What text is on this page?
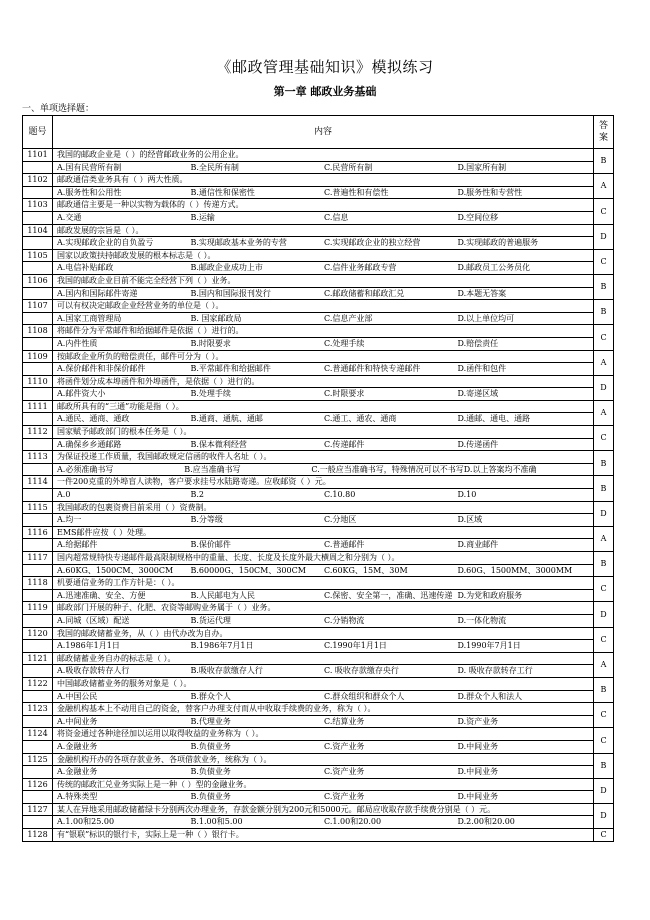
《邮政管理基础知识》模拟练习
第一章 邮政业务基础
一、单项选择题：
题号	内容	答案
1101	我国的邮政企业是（ ）的经营邮政业务的公用企业。	B

	A.国有民营所有制 B.全民所有制 C.民营所有制 D.国家所有制	

1102	邮政通信类业务具有（ ）两大性质。	A

	A.服务性和公用性 B.通信性和保密性 C.普遍性和有偿性 D.服务性和专营性	

1103	邮政通信主要是一种以实物为载体的（ ）传递方式。	C

	A.交通 B.运输 C.信息 D.空间位移	

1104	邮政发展的宗旨是（ ）。	D

	A.实现邮政企业的自负盈亏 B.实现邮政基本业务的专营 C.实现邮政企业的独立经营 D.实现邮政的普遍服务	

1105	国家以政策扶持邮政发展的根本标志是（ ）。	C

	A.电信补贴邮政 B.邮政企业成功上市 C.信件业务邮政专营 D.邮政员工公务员化	

1106	我国的邮政企业目前不能完全经营下列（ ）业务。	B

	A.国内和国际邮件寄递 B.国内和国际报刊发行 C.邮政储蓄和邮政汇兑 D.本题无答案	

1107	可以有权决定邮政企业经营业务的单位是（ ）。	B

	A.国家工商管理局 B. 国家邮政局 C.信息产业部 D.以上单位均可	

1108	将邮件分为平常邮件和给据邮件是依据（ ）进行的。	C

	A.内件性质 B.时限要求 C.处理手续 D.赔偿责任	

1109	按邮政企业所负的赔偿责任，邮件可分为（ ）。	A

	A.保价邮件和非保价邮件 B.平常邮件和给据邮件 C.普通邮件和特快专递邮件 D.函件和包件	

1110	将函件划分成本埠函件和外埠函件，是依据（ ）进行的。	D

	A.邮件资大小 B.处理手续 C.时限要求 D.寄递区域	

1111	邮政所具有的“三通”功能是指（ ）。	A

	A.通民、通商、通政 B.通商、通航、通邮 C.通工、通农、通商 D.通邮、通电、通路	

1112	国家赋予邮政部门的根本任务是（ ）。	C

	A.确保乡乡通邮路 B.保本微利经营 C.传递邮件 D.传递函件	

1113	为保证投递工作质量，我国邮政规定信函的收件人名址（ ）。	B

	A.必须准确书写 B.应当准确书写 C.一般应当准确书写，特殊情况可以不书写 D.以上答案均不准确	

1114	一件200克重的外埠盲人读物，客户要求挂号水陆路寄递。应收邮资（ ）元。	B

	A.0 B.2 C.10.80 D.10	

1115	我国邮政的包裹资费目前采用（ ）资费制。	D

	A.均一 B.分等级 C.分地区 D.区域	

1116	EMS邮件应按（ ）处理。	A

	A.给据邮件 B.保价邮件 C.普通邮件 D.商业邮件	

1117	国内超常规特快专递邮件最高限制规格中的重量、长度、长度及长度外最大横周之和分别为（ ）。	B

	A.60KG、1500CM、3000CM B.60000G、150CM、300CM C.60KG、15M、30M D.60G、1500MM、3000MM	

1118	机要通信业务的工作方针是：（ ）。	C

	A.迅速准确、安全、方便 B.人民邮电为人民 C.保密、安全第一，准确、迅速传递 D.为党和政府服务	

1119	邮政部门开展的种子、化肥、农资等邮购业务属于（ ）业务。	D

	A.同城（区域）配送 B.货运代理 C.分销物流 D.一体化物流	

1120	我国的邮政储蓄业务，从（ ）由代办改为自办。	C

	A.1986年1月1日 B.1986年7月1日 C.1990年1月1日 D.1990年7月1日	

1121	邮政储蓄业务自办的标志是（ ）。	A

	A.吸收存款转存人行 B.吸收存款缴存人行 C. 吸收存款缴存央行 D. 吸收存款转存工行	

1122	中国邮政储蓄业务的服务对象是（ ）。	B

	A.中国公民 B.群众个人 C.群众组织和群众个人 D.群众个人和法人	

1123	金融机构基本上不动用自己的资金，替客户办理支付而从中收取手续费的业务，称为（ ）。	C

	A.中间业务 B.代理业务 C.结算业务 D.资产业务	

1124	将资金通过各种途径加以运用以取得收益的业务称为（ ）。	C

	A.金融业务 B.负债业务 C.资产业务 D.中间业务	

1125	金融机构开办的各项存款业务、各项借款业务，统称为（ ）。	B

	A.金融业务 B.负债业务 C.资产业务 D.中间业务	

1126	传统的邮政汇兑业务实际上是一种（ ）型的金融业务。	D

	A.特殊类型 B.负债业务 C.资产业务 D.中间业务	

1127	某人在异地采用邮政储蓄绿卡分别两次办理业务，存款金额分别为200元和5000元。邮局应收取存款手续费分别是（ ）元。	D

	A.1.00和25.00 B.1.00和5.00 C.1.00和20.00 D.2.00和20.00	

1128	有“银联”标识的银行卡，实际上是一种（ ）银行卡。	C
